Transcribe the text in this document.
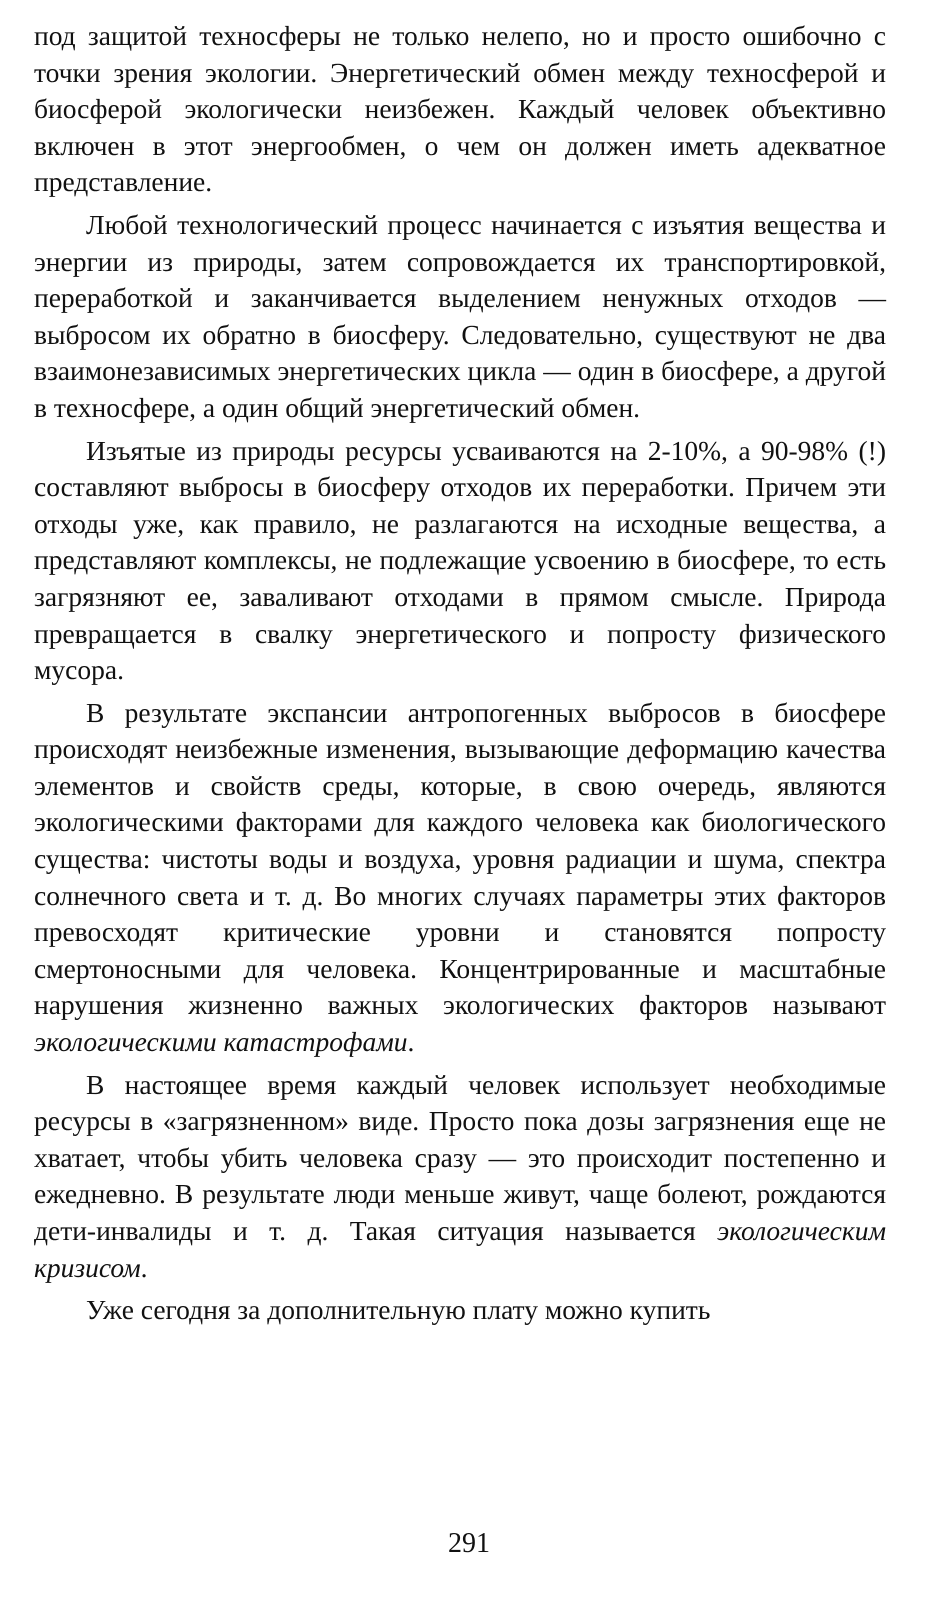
под защитой техносферы не только нелепо, но и просто ошибочно с точки зрения экологии. Энергетический обмен между техносферой и биосферой экологически неизбежен. Каждый человек объективно включен в этот энергообмен, о чем он должен иметь адекватное представление.

Любой технологический процесс начинается с изъятия вещества и энергии из природы, затем сопровождается их транспортировкой, переработкой и заканчивается выделением ненужных отходов — выбросом их обратно в биосферу. Следовательно, существуют не два взаимонезависимых энергетических цикла — один в биосфере, а другой в техносфере, а один общий энергетический обмен.

Изъятые из природы ресурсы усваиваются на 2-10%, а 90-98% (!) составляют выбросы в биосферу отходов их переработки. Причем эти отходы уже, как правило, не разлагаются на исходные вещества, а представляют комплексы, не подлежащие усвоению в биосфере, то есть загрязняют ее, заваливают отходами в прямом смысле. Природа превращается в свалку энергетического и попросту физического мусора.

В результате экспансии антропогенных выбросов в биосфере происходят неизбежные изменения, вызывающие деформацию качества элементов и свойств среды, которые, в свою очередь, являются экологическими факторами для каждого человека как биологического существа: чистоты воды и воздуха, уровня радиации и шума, спектра солнечного света и т. д. Во многих случаях параметры этих факторов превосходят критические уровни и становятся попросту смертоносными для человека. Концентрированные и масштабные нарушения жизненно важных экологических факторов называют экологическими катастрофами.

В настоящее время каждый человек использует необходимые ресурсы в «загрязненном» виде. Просто пока дозы загрязнения еще не хватает, чтобы убить человека сразу — это происходит постепенно и ежедневно. В результате люди меньше живут, чаще болеют, рождаются дети-инвалиды и т. д. Такая ситуация называется экологическим кризисом.

Уже сегодня за дополнительную плату можно купить

291
